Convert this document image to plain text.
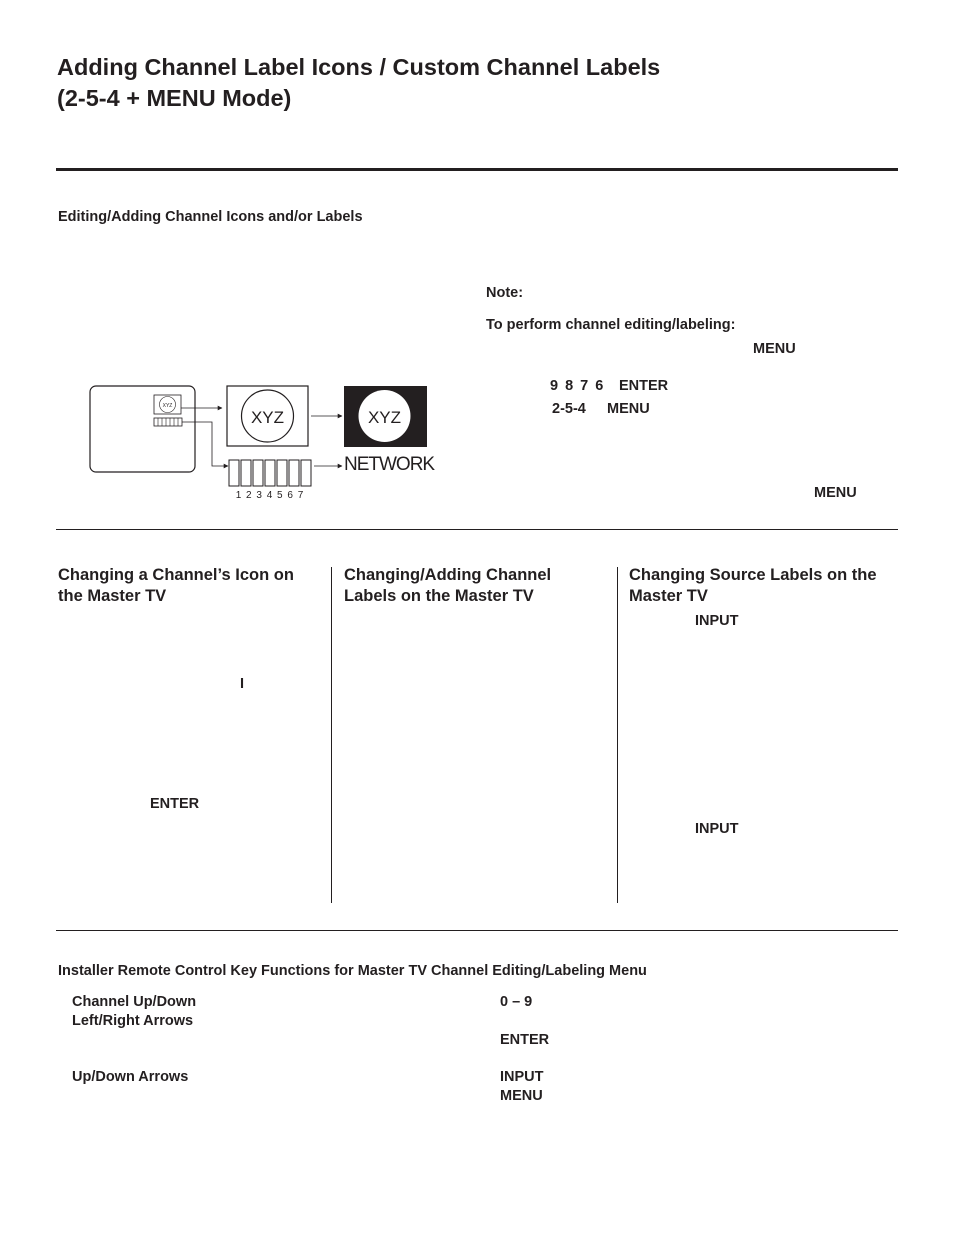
Adding Channel Label Icons / Custom Channel Labels
(2-5-4 + MENU Mode)
Editing/Adding Channel Icons and/or Labels
Note:
To perform channel editing/labeling:
MENU
9 8 7 6 ENTER
2-5-4 MENU
MENU
XYZ
XYZ	XYZ
1 2 3 4 5 6 7
NETWORK
Changing a Channel’s Icon on
the Master TV
I
ENTER
Changing/Adding Channel
Labels on the Master TV
Changing Source Labels on the
Master TV
INPUT
INPUT
Installer Remote Control Key Functions for Master TV Channel Editing/Labeling Menu
Channel Up/Down
Left/Right Arrows
Up/Down Arrows
0 – 9
ENTER
INPUT
MENU
